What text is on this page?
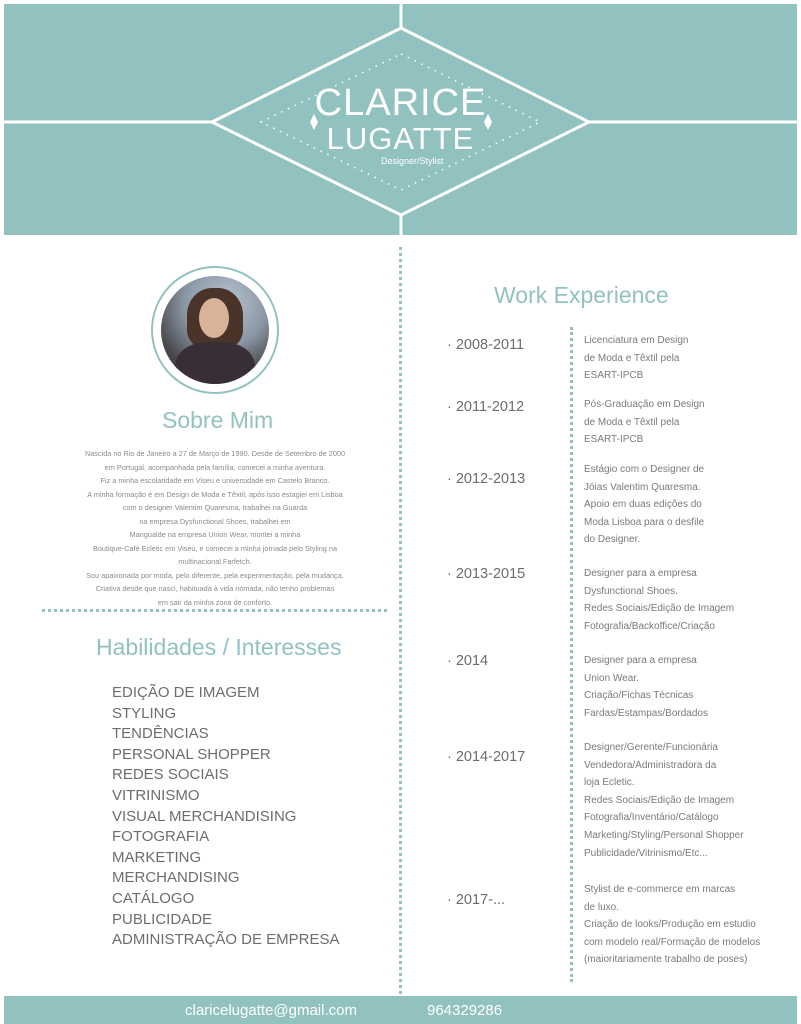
CLARICE
LUGATTE
Designer/Stylist
Sobre Mim
Nascida no Rio de Janeiro a 27 de Março de 1990. Desde de Setembro de 2000
em Portugal, acompanhada pela família, comecei a minha aventura.
Fiz a minha escolaridade em Viseu e universidade em Castelo Branco.
A minha formação é em Design de Moda e Têxtil, após isso estagiei em Lisboa
com o designer Valentim Quaresma, trabalhei na Guarda
na empresa Dysfunctional Shoes, trabalhei em
Mangualde na empresa Union Wear, montei a minha
Boutique-Café Ecletic em Viseu, e comecei a minha jornada pelo Styling na
multinacional Farfetch.
Sou apaixonada por moda, pelo diferente, pela experimentação, pela mudança.
Criativa desde que nasci, habituada à vida nómada, não tenho problemas
em sair da minha zona de conforto.
Habilidades / Interesses
EDIÇÃO DE IMAGEM
STYLING
TENDÊNCIAS
PERSONAL SHOPPER
REDES SOCIAIS
VITRINISMO
VISUAL MERCHANDISING
FOTOGRAFIA
MARKETING
MERCHANDISING
CATÁLOGO
PUBLICIDADE
ADMINISTRAÇÃO DE EMPRESA
Work Experience
· 2008-2011	Licenciatura em Design
de Moda e Têxtil pela
ESART-IPCB
· 2011-2012	Pós-Graduação em Design
de Moda e Têxtil pela
ESART-IPCB
· 2012-2013
Estágio com o Designer de
Jóias Valentim Quaresma.
Apoio em duas edições do
Moda Lisboa para o desfile
do Designer.
· 2013-2015	Designer para a empresa
Dysfunctional Shoes.
Redes Sociais/Edição de Imagem
Fotografia/Backoffice/Criação
· 2014	Designer para a empresa
Union Wear.
Criação/Fichas Técnicas
Fardas/Estampas/Bordados
· 2014-2017
Designer/Gerente/Funcionária
Vendedora/Administradora da
loja Ecletic.
Redes Sociais/Edição de Imagem
Fotografia/Inventário/Catálogo
Marketing/Styling/Personal Shopper
Publicidade/Vitrinismo/Etc...
· 2017-...
Stylist de e-commerce em marcas
de luxo.
Criação de looks/Produção em estudio
com modelo real/Formação de modelos
(maioritariamente trabalho de poses)
claricelugatte@gmail.com	964329286
